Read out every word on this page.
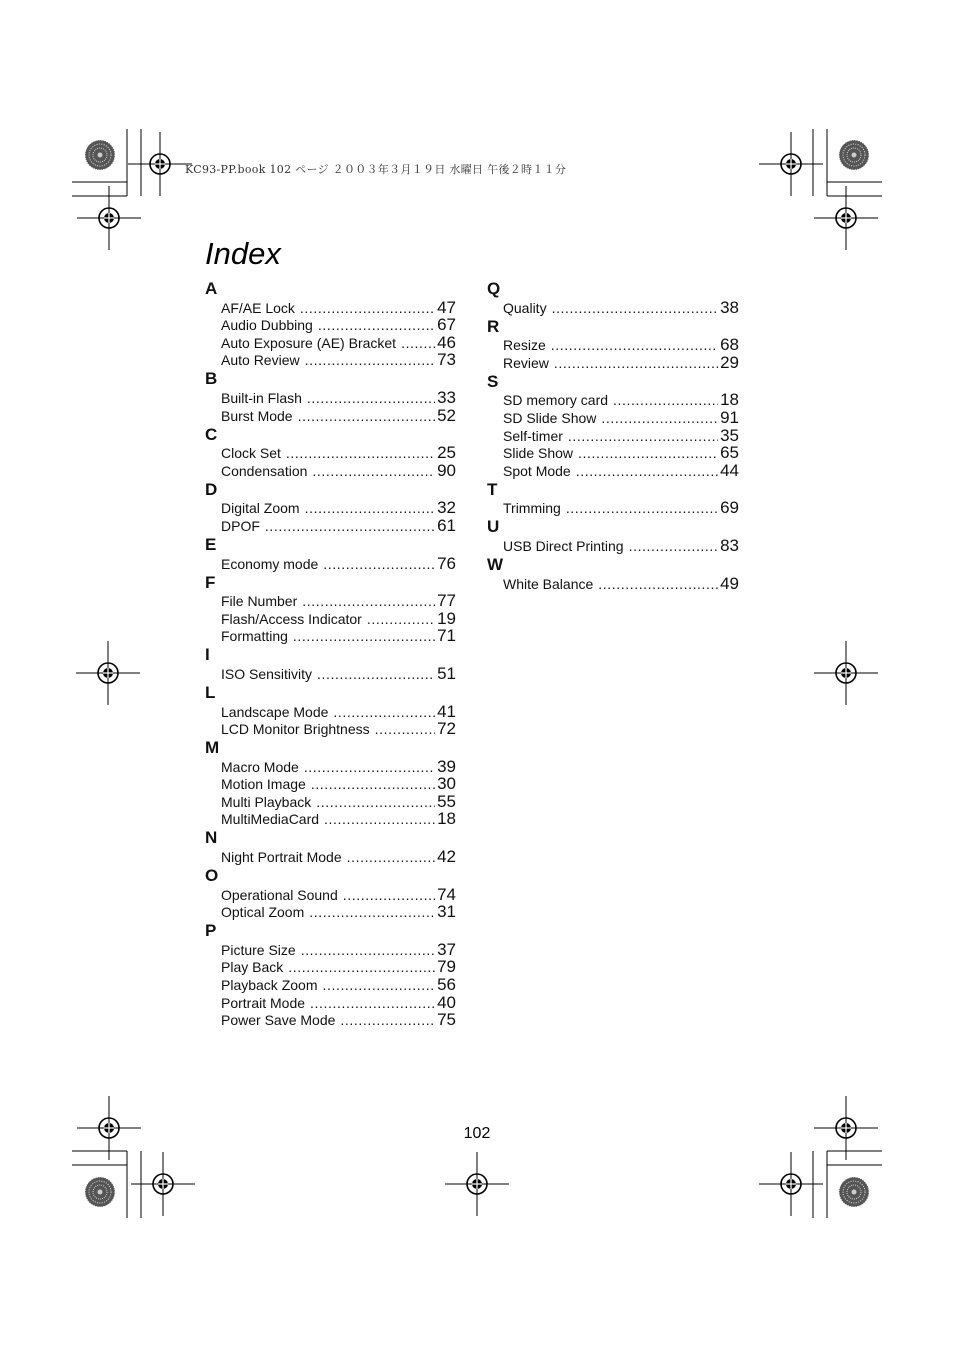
KC93-PP.book 102 ページ ２００３年３月１９日 水曜日 午後２時１１分
Index
A
AF/AE Lock .....	47
Audio Dubbing .....	67
Auto Exposure (AE) Bracket ..... 46
Auto Review .....	73
B
Built-in Flash .....	33
Burst Mode .....	52
C
Clock Set .....	25
Condensation .....	90
D
Digital Zoom .....	32
DPOF .....	61
E
Economy mode .....	76
F
File Number .....	77
Flash/Access Indicator .....	19
Formatting .....	71
I
ISO Sensitivity .....	51
L
Landscape Mode .....	41
LCD Monitor Brightness .....	72
M
Macro Mode .....	39
Motion Image .....	30
Multi Playback .....	55
MultiMediaCard .....	18
N
Night Portrait Mode .....	42
O
Operational Sound .....	74
Optical Zoom .....	31
P
Picture Size .....	37
Play Back .....	79
Playback Zoom .....	56
Portrait Mode .....	40
Power Save Mode .....	75
Q
Quality .....	38
R
Resize .....	68
Review .....	29
S
SD memory card .....	18
SD Slide Show .....	91
Self-timer .....	35
Slide Show .....	65
Spot Mode .....	44
T
Trimming .....	69
U
USB Direct Printing .....	83
W
White Balance .....	49
102
